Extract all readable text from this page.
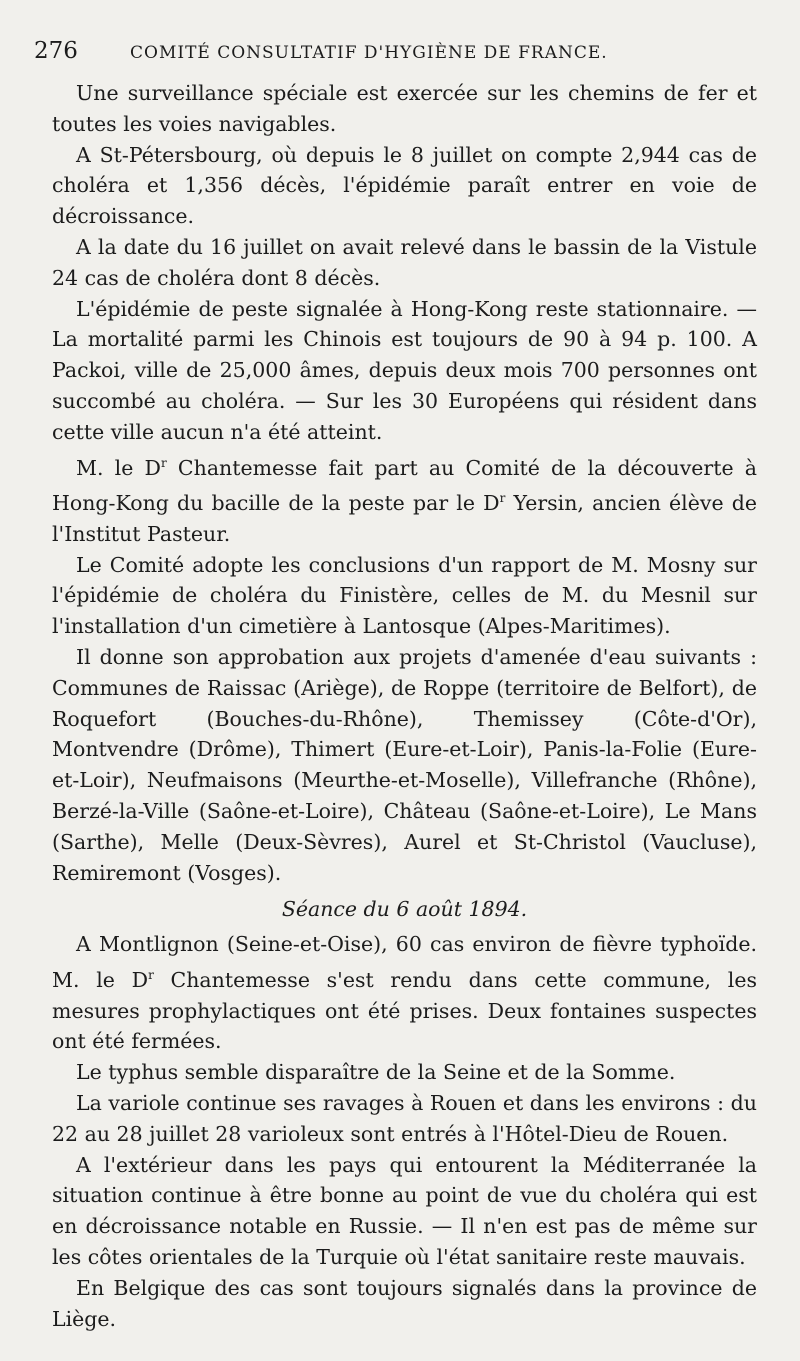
276	COMITÉ CONSULTATIF D'HYGIÈNE DE FRANCE.

Une surveillance spéciale est exercée sur les chemins de fer et toutes les voies navigables.

A St-Pétersbourg, où depuis le 8 juillet on compte 2,944 cas de choléra et 1,356 décès, l'épidémie paraît entrer en voie de décroissance.

A la date du 16 juillet on avait relevé dans le bassin de la Vistule 24 cas de choléra dont 8 décès.

L'épidémie de peste signalée à Hong-Kong reste stationnaire. — La mortalité parmi les Chinois est toujours de 90 à 94 p. 100. A Packoi, ville de 25,000 âmes, depuis deux mois 700 personnes ont succombé au choléra. — Sur les 30 Européens qui résident dans cette ville aucun n'a été atteint.

M. le $D^r$ Chantemesse fait part au Comité de la découverte à Hong-Kong du bacille de la peste par le $D^r$ Yersin, ancien élève de l'Institut Pasteur.

Le Comité adopte les conclusions d'un rapport de M. Mosny sur l'épidémie de choléra du Finistère, celles de M. du Mesnil sur l'installation d'un cimetière à Lantosque (Alpes-Maritimes).

Il donne son approbation aux projets d'amenée d'eau suivants : Communes de Raissac (Ariège), de Roppe (territoire de Belfort), de Roquefort (Bouches-du-Rhône), Themissey (Côte-d'Or), Montvendre (Drôme), Thimert (Eure-et-Loir), Panis-la-Folie (Eure-et-Loir), Neufmaisons (Meurthe-et-Moselle), Villefranche (Rhône), Berzé-la-Ville (Saône-et-Loire), Château (Saône-et-Loire), Le Mans (Sarthe), Melle (Deux-Sèvres), Aurel et St-Christol (Vaucluse), Remiremont (Vosges).

Séance du 6 août 1894.

A Montlignon (Seine-et-Oise), 60 cas environ de fièvre typhoïde. M. le $D^r$ Chantemesse s'est rendu dans cette commune, les mesures prophylactiques ont été prises. Deux fontaines suspectes ont été fermées.

Le typhus semble disparaître de la Seine et de la Somme.

La variole continue ses ravages à Rouen et dans les environs : du 22 au 28 juillet 28 varioleux sont entrés à l'Hôtel-Dieu de Rouen.

A l'extérieur dans les pays qui entourent la Méditerranée la situation continue à être bonne au point de vue du choléra qui est en décroissance notable en Russie. — Il n'en est pas de même sur les côtes orientales de la Turquie où l'état sanitaire reste mauvais.

En Belgique des cas sont toujours signalés dans la province de Liège.
